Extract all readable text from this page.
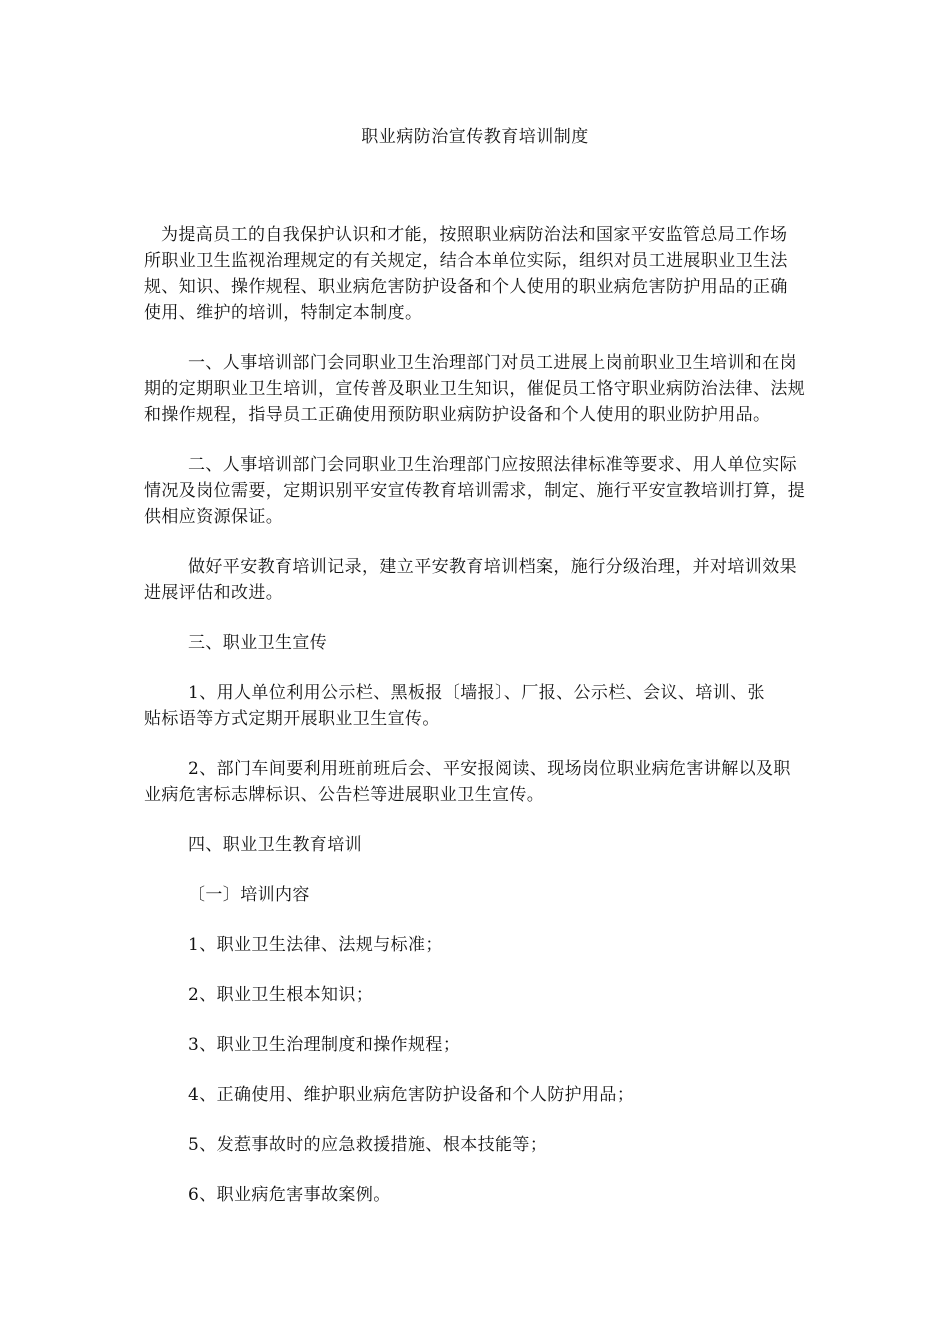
职业病防治宣传教育培训制度

为提高员工的自我保护认识和才能，按照职业病防治法和国家平安监管总局工作场所职业卫生监视治理规定的有关规定，结合本单位实际，组织对员工进展职业卫生法规、知识、操作规程、职业病危害防护设备和个人使用的职业病危害防护用品的正确使用、维护的培训，特制定本制度。

一、人事培训部门会同职业卫生治理部门对员工进展上岗前职业卫生培训和在岗期的定期职业卫生培训，宣传普及职业卫生知识，催促员工恪守职业病防治法律、法规和操作规程，指导员工正确使用预防职业病防护设备和个人使用的职业防护用品。

二、人事培训部门会同职业卫生治理部门应按照法律标准等要求、用人单位实际情况及岗位需要，定期识别平安宣传教育培训需求，制定、施行平安宣教培训打算，提供相应资源保证。

做好平安教育培训记录，建立平安教育培训档案，施行分级治理，并对培训效果进展评估和改进。

三、职业卫生宣传

1、用人单位利用公示栏、黑板报〔墙报〕、厂报、公示栏、会议、培训、张贴标语等方式定期开展职业卫生宣传。

2、部门车间要利用班前班后会、平安报阅读、现场岗位职业病危害讲解以及职业病危害标志牌标识、公告栏等进展职业卫生宣传。

四、职业卫生教育培训

〔一〕培训内容

1、职业卫生法律、法规与标准；

2、职业卫生根本知识；

3、职业卫生治理制度和操作规程；

4、正确使用、维护职业病危害防护设备和个人防护用品；

5、发惹事故时的应急救援措施、根本技能等；

6、职业病危害事故案例。
